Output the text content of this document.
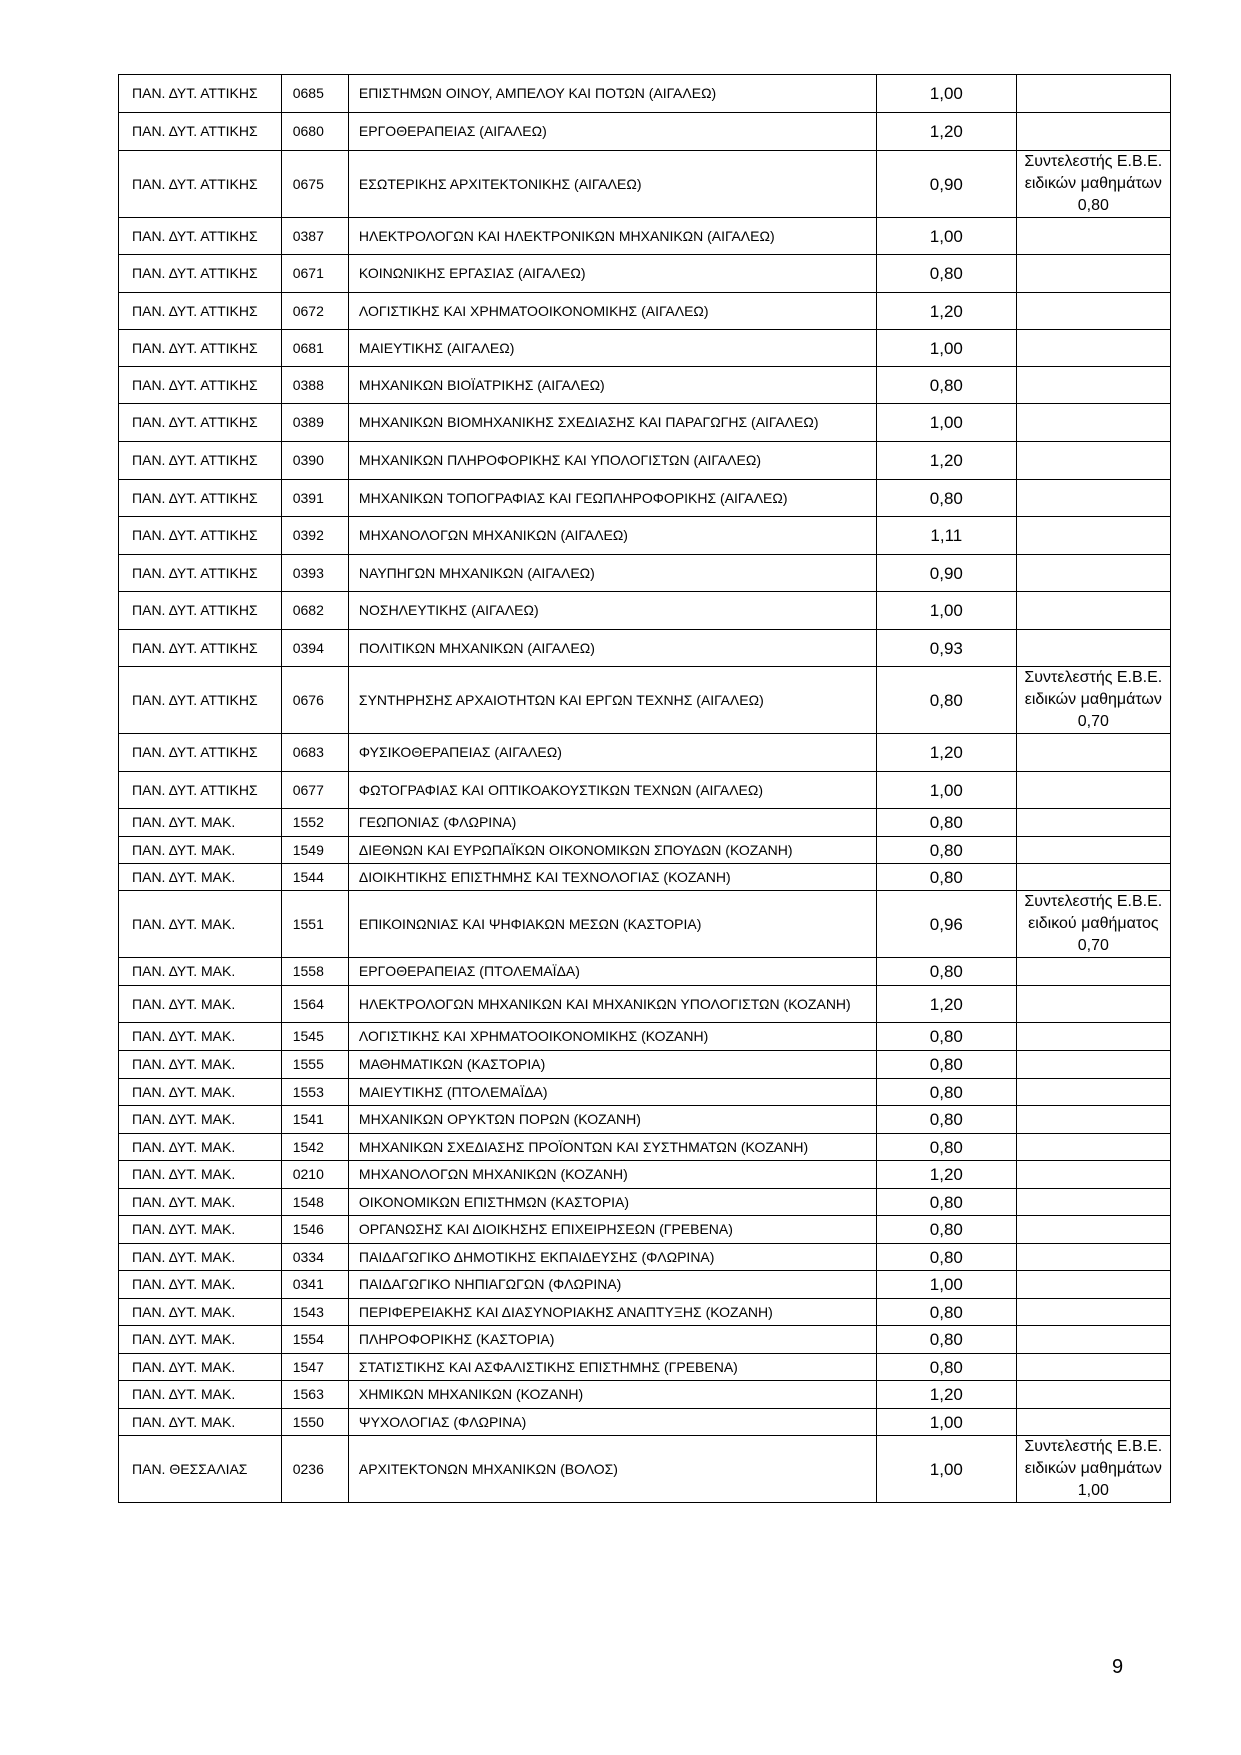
ΠΑΝ. ΔΥΤ. ΑΤΤΙΚΗΣ	0685	ΕΠΙΣΤΗΜΩΝ ΟΙΝΟΥ, ΑΜΠΕΛΟΥ ΚΑΙ ΠΟΤΩΝ (ΑΙΓΑΛΕΩ)	1,00	
ΠΑΝ. ΔΥΤ. ΑΤΤΙΚΗΣ	0680	ΕΡΓΟΘΕΡΑΠΕΙΑΣ (ΑΙΓΑΛΕΩ)	1,20	
ΠΑΝ. ΔΥΤ. ΑΤΤΙΚΗΣ	0675	ΕΣΩΤΕΡΙΚΗΣ ΑΡΧΙΤΕΚΤΟΝΙΚΗΣ (ΑΙΓΑΛΕΩ)	0,90	Συντελεστής Ε.Β.Ε. ειδικών μαθημάτων 0,80
ΠΑΝ. ΔΥΤ. ΑΤΤΙΚΗΣ	0387	ΗΛΕΚΤΡΟΛΟΓΩΝ ΚΑΙ ΗΛΕΚΤΡΟΝΙΚΩΝ ΜΗΧΑΝΙΚΩΝ (ΑΙΓΑΛΕΩ)	1,00	
ΠΑΝ. ΔΥΤ. ΑΤΤΙΚΗΣ	0671	ΚΟΙΝΩΝΙΚΗΣ ΕΡΓΑΣΙΑΣ (ΑΙΓΑΛΕΩ)	0,80	
ΠΑΝ. ΔΥΤ. ΑΤΤΙΚΗΣ	0672	ΛΟΓΙΣΤΙΚΗΣ ΚΑΙ ΧΡΗΜΑΤΟΟΙΚΟΝΟΜΙΚΗΣ (ΑΙΓΑΛΕΩ)	1,20	
ΠΑΝ. ΔΥΤ. ΑΤΤΙΚΗΣ	0681	ΜΑΙΕΥΤΙΚΗΣ (ΑΙΓΑΛΕΩ)	1,00	
ΠΑΝ. ΔΥΤ. ΑΤΤΙΚΗΣ	0388	ΜΗΧΑΝΙΚΩΝ ΒΙΟΪΑΤΡΙΚΗΣ (ΑΙΓΑΛΕΩ)	0,80	
ΠΑΝ. ΔΥΤ. ΑΤΤΙΚΗΣ	0389	ΜΗΧΑΝΙΚΩΝ ΒΙΟΜΗΧΑΝΙΚΗΣ ΣΧΕΔΙΑΣΗΣ ΚΑΙ ΠΑΡΑΓΩΓΗΣ (ΑΙΓΑΛΕΩ)	1,00	
ΠΑΝ. ΔΥΤ. ΑΤΤΙΚΗΣ	0390	ΜΗΧΑΝΙΚΩΝ ΠΛΗΡΟΦΟΡΙΚΗΣ ΚΑΙ ΥΠΟΛΟΓΙΣΤΩΝ (ΑΙΓΑΛΕΩ)	1,20	
ΠΑΝ. ΔΥΤ. ΑΤΤΙΚΗΣ	0391	ΜΗΧΑΝΙΚΩΝ ΤΟΠΟΓΡΑΦΙΑΣ ΚΑΙ ΓΕΩΠΛΗΡΟΦΟΡΙΚΗΣ (ΑΙΓΑΛΕΩ)	0,80	
ΠΑΝ. ΔΥΤ. ΑΤΤΙΚΗΣ	0392	ΜΗΧΑΝΟΛΟΓΩΝ ΜΗΧΑΝΙΚΩΝ (ΑΙΓΑΛΕΩ)	1,11	
ΠΑΝ. ΔΥΤ. ΑΤΤΙΚΗΣ	0393	ΝΑΥΠΗΓΩΝ ΜΗΧΑΝΙΚΩΝ (ΑΙΓΑΛΕΩ)	0,90	
ΠΑΝ. ΔΥΤ. ΑΤΤΙΚΗΣ	0682	ΝΟΣΗΛΕΥΤΙΚΗΣ (ΑΙΓΑΛΕΩ)	1,00	
ΠΑΝ. ΔΥΤ. ΑΤΤΙΚΗΣ	0394	ΠΟΛΙΤΙΚΩΝ ΜΗΧΑΝΙΚΩΝ (ΑΙΓΑΛΕΩ)	0,93	
ΠΑΝ. ΔΥΤ. ΑΤΤΙΚΗΣ	0676	ΣΥΝΤΗΡΗΣΗΣ ΑΡΧΑΙΟΤΗΤΩΝ ΚΑΙ ΕΡΓΩΝ ΤΕΧΝΗΣ (ΑΙΓΑΛΕΩ)	0,80	Συντελεστής Ε.Β.Ε. ειδικών μαθημάτων 0,70
ΠΑΝ. ΔΥΤ. ΑΤΤΙΚΗΣ	0683	ΦΥΣΙΚΟΘΕΡΑΠΕΙΑΣ (ΑΙΓΑΛΕΩ)	1,20	
ΠΑΝ. ΔΥΤ. ΑΤΤΙΚΗΣ	0677	ΦΩΤΟΓΡΑΦΙΑΣ ΚΑΙ ΟΠΤΙΚΟΑΚΟΥΣΤΙΚΩΝ ΤΕΧΝΩΝ (ΑΙΓΑΛΕΩ)	1,00	
ΠΑΝ. ΔΥΤ. ΜΑΚ.	1552	ΓΕΩΠΟΝΙΑΣ (ΦΛΩΡΙΝΑ)	0,80	
ΠΑΝ. ΔΥΤ. ΜΑΚ.	1549	ΔΙΕΘΝΩΝ ΚΑΙ ΕΥΡΩΠΑΪΚΩΝ ΟΙΚΟΝΟΜΙΚΩΝ ΣΠΟΥΔΩΝ (ΚΟΖΑΝΗ)	0,80	
ΠΑΝ. ΔΥΤ. ΜΑΚ.	1544	ΔΙΟΙΚΗΤΙΚΗΣ ΕΠΙΣΤΗΜΗΣ ΚΑΙ ΤΕΧΝΟΛΟΓΙΑΣ (ΚΟΖΑΝΗ)	0,80	
ΠΑΝ. ΔΥΤ. ΜΑΚ.	1551	ΕΠΙΚΟΙΝΩΝΙΑΣ ΚΑΙ ΨΗΦΙΑΚΩΝ ΜΕΣΩΝ (ΚΑΣΤΟΡΙΑ)	0,96	Συντελεστής Ε.Β.Ε. ειδικού μαθήματος 0,70
ΠΑΝ. ΔΥΤ. ΜΑΚ.	1558	ΕΡΓΟΘΕΡΑΠΕΙΑΣ (ΠΤΟΛΕΜΑΪΔΑ)	0,80	
ΠΑΝ. ΔΥΤ. ΜΑΚ.	1564	ΗΛΕΚΤΡΟΛΟΓΩΝ ΜΗΧΑΝΙΚΩΝ ΚΑΙ ΜΗΧΑΝΙΚΩΝ ΥΠΟΛΟΓΙΣΤΩΝ (ΚΟΖΑΝΗ)	1,20	
ΠΑΝ. ΔΥΤ. ΜΑΚ.	1545	ΛΟΓΙΣΤΙΚΗΣ ΚΑΙ ΧΡΗΜΑΤΟΟΙΚΟΝΟΜΙΚΗΣ (ΚΟΖΑΝΗ)	0,80	
ΠΑΝ. ΔΥΤ. ΜΑΚ.	1555	ΜΑΘΗΜΑΤΙΚΩΝ (ΚΑΣΤΟΡΙΑ)	0,80	
ΠΑΝ. ΔΥΤ. ΜΑΚ.	1553	ΜΑΙΕΥΤΙΚΗΣ (ΠΤΟΛΕΜΑΪΔΑ)	0,80	
ΠΑΝ. ΔΥΤ. ΜΑΚ.	1541	ΜΗΧΑΝΙΚΩΝ ΟΡΥΚΤΩΝ ΠΟΡΩΝ (ΚΟΖΑΝΗ)	0,80	
ΠΑΝ. ΔΥΤ. ΜΑΚ.	1542	ΜΗΧΑΝΙΚΩΝ ΣΧΕΔΙΑΣΗΣ ΠΡΟΪΟΝΤΩΝ ΚΑΙ ΣΥΣΤΗΜΑΤΩΝ (ΚΟΖΑΝΗ)	0,80	
ΠΑΝ. ΔΥΤ. ΜΑΚ.	0210	ΜΗΧΑΝΟΛΟΓΩΝ ΜΗΧΑΝΙΚΩΝ (ΚΟΖΑΝΗ)	1,20	
ΠΑΝ. ΔΥΤ. ΜΑΚ.	1548	ΟΙΚΟΝΟΜΙΚΩΝ ΕΠΙΣΤΗΜΩΝ (ΚΑΣΤΟΡΙΑ)	0,80	
ΠΑΝ. ΔΥΤ. ΜΑΚ.	1546	ΟΡΓΑΝΩΣΗΣ ΚΑΙ ΔΙΟΙΚΗΣΗΣ ΕΠΙΧΕΙΡΗΣΕΩΝ (ΓΡΕΒΕΝΑ)	0,80	
ΠΑΝ. ΔΥΤ. ΜΑΚ.	0334	ΠΑΙΔΑΓΩΓΙΚΟ ΔΗΜΟΤΙΚΗΣ ΕΚΠΑΙΔΕΥΣΗΣ (ΦΛΩΡΙΝΑ)	0,80	
ΠΑΝ. ΔΥΤ. ΜΑΚ.	0341	ΠΑΙΔΑΓΩΓΙΚΟ ΝΗΠΙΑΓΩΓΩΝ (ΦΛΩΡΙΝΑ)	1,00	
ΠΑΝ. ΔΥΤ. ΜΑΚ.	1543	ΠΕΡΙΦΕΡΕΙΑΚΗΣ ΚΑΙ ΔΙΑΣΥΝΟΡΙΑΚΗΣ ΑΝΑΠΤΥΞΗΣ (ΚΟΖΑΝΗ)	0,80	
ΠΑΝ. ΔΥΤ. ΜΑΚ.	1554	ΠΛΗΡΟΦΟΡΙΚΗΣ (ΚΑΣΤΟΡΙΑ)	0,80	
ΠΑΝ. ΔΥΤ. ΜΑΚ.	1547	ΣΤΑΤΙΣΤΙΚΗΣ ΚΑΙ ΑΣΦΑΛΙΣΤΙΚΗΣ ΕΠΙΣΤΗΜΗΣ (ΓΡΕΒΕΝΑ)	0,80	
ΠΑΝ. ΔΥΤ. ΜΑΚ.	1563	ΧΗΜΙΚΩΝ ΜΗΧΑΝΙΚΩΝ (ΚΟΖΑΝΗ)	1,20	
ΠΑΝ. ΔΥΤ. ΜΑΚ.	1550	ΨΥΧΟΛΟΓΙΑΣ (ΦΛΩΡΙΝΑ)	1,00	
ΠΑΝ. ΘΕΣΣΑΛΙΑΣ	0236	ΑΡΧΙΤΕΚΤΟΝΩΝ ΜΗΧΑΝΙΚΩΝ (ΒΟΛΟΣ)	1,00	Συντελεστής Ε.Β.Ε. ειδικών μαθημάτων 1,00
9
